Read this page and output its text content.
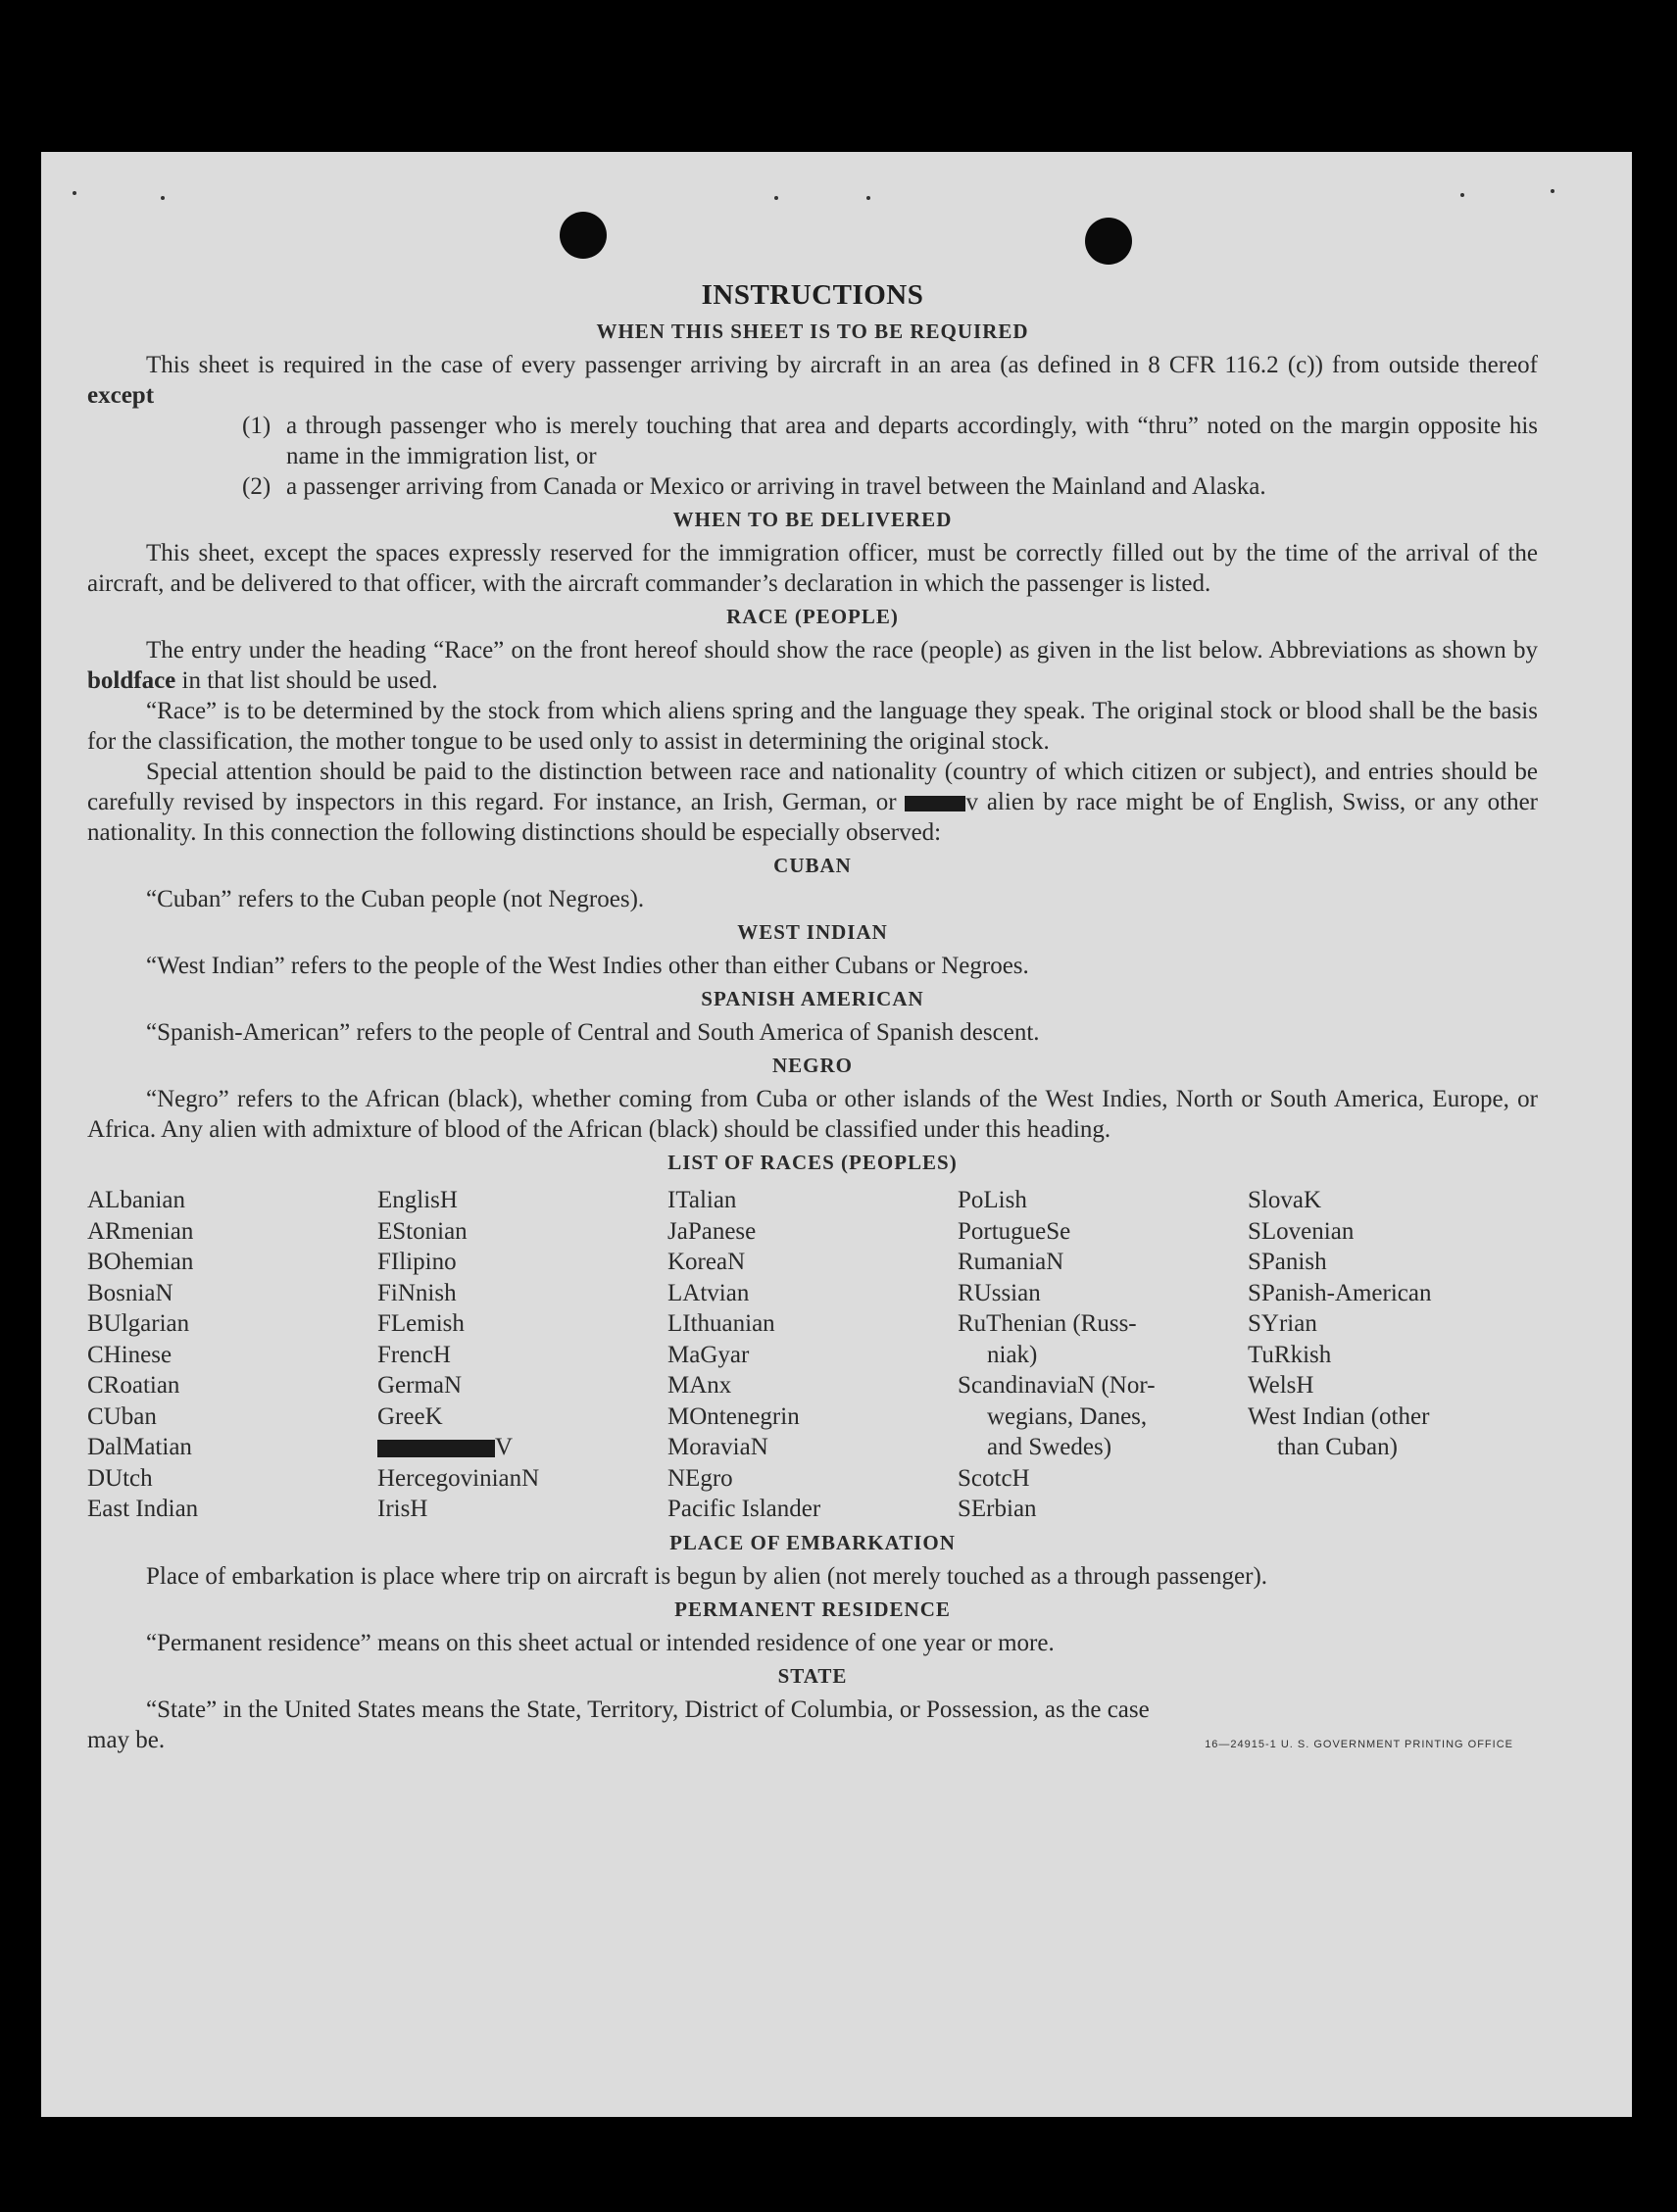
INSTRUCTIONS
WHEN THIS SHEET IS TO BE REQUIRED

This sheet is required in the case of every passenger arriving by aircraft in an area (as defined in 8 CFR 116.2 (c)) from outside thereof except

(1) a through passenger who is merely touching that area and departs accordingly, with “thru” noted on the margin opposite his name in the immigration list, or
(2) a passenger arriving from Canada or Mexico or arriving in travel between the Mainland and Alaska.
WHEN TO BE DELIVERED

This sheet, except the spaces expressly reserved for the immigration officer, must be correctly filled out by the time of the arrival of the aircraft, and be delivered to that officer, with the aircraft commander’s declaration in which the passenger is listed.

RACE (PEOPLE)

The entry under the heading “Race” on the front hereof should show the race (people) as given in the list below. Abbreviations as shown by boldface in that list should be used.

“Race” is to be determined by the stock from which aliens spring and the language they speak. The original stock or blood shall be the basis for the classification, the mother tongue to be used only to assist in determining the original stock.

Special attention should be paid to the distinction between race and nationality (country of which citizen or subject), and entries should be carefully revised by inspectors in this regard. For instance, an Irish, German, or v alien by race might be of English, Swiss, or any other nationality. In this connection the following distinctions should be especially observed:

CUBAN

“Cuban” refers to the Cuban people (not Negroes).

WEST INDIAN

“West Indian” refers to the people of the West Indies other than either Cubans or Negroes.

SPANISH AMERICAN

“Spanish-American” refers to the people of Central and South America of Spanish descent.

NEGRO

“Negro” refers to the African (black), whether coming from Cuba or other islands of the West Indies, North or South America, Europe, or Africa. Any alien with admixture of blood of the African (black) should be classified under this heading.

LIST OF RACES (PEOPLES)
ALbanian
ARmenian
BOhemian
BosniaN
BUlgarian
CHinese
CRoatian
CUban
DalMatian
DUtch
East Indian
EnglisH
EStonian
FIlipino
FiNnish
FLemish
FrencH
GermaN
GreeK
V
HercegovinianN
IrisH
ITalian
JaPanese
KoreaN
LAtvian
LIthuanian
MaGyar
MAnx
MOntenegrin
MoraviaN
NEgro
Pacific Islander
PoLish
PortugueSe
RumaniaN
RUssian
RuThenian (Russ-
niak)
ScandinaviaN (Nor-
wegians, Danes,
and Swedes)
ScotcH
SErbian
SlovaK
SLovenian
SPanish
SPanish-American
SYrian
TuRkish
WelsH
West Indian (other
than Cuban)
PLACE OF EMBARKATION

Place of embarkation is place where trip on aircraft is begun by alien (not merely touched as a through passenger).

PERMANENT RESIDENCE

“Permanent residence” means on this sheet actual or intended residence of one year or more.

STATE

“State” in the United States means the State, Territory, District of Columbia, or Possession, as the case

may be.	16—24915-1 U. S. GOVERNMENT PRINTING OFFICE
